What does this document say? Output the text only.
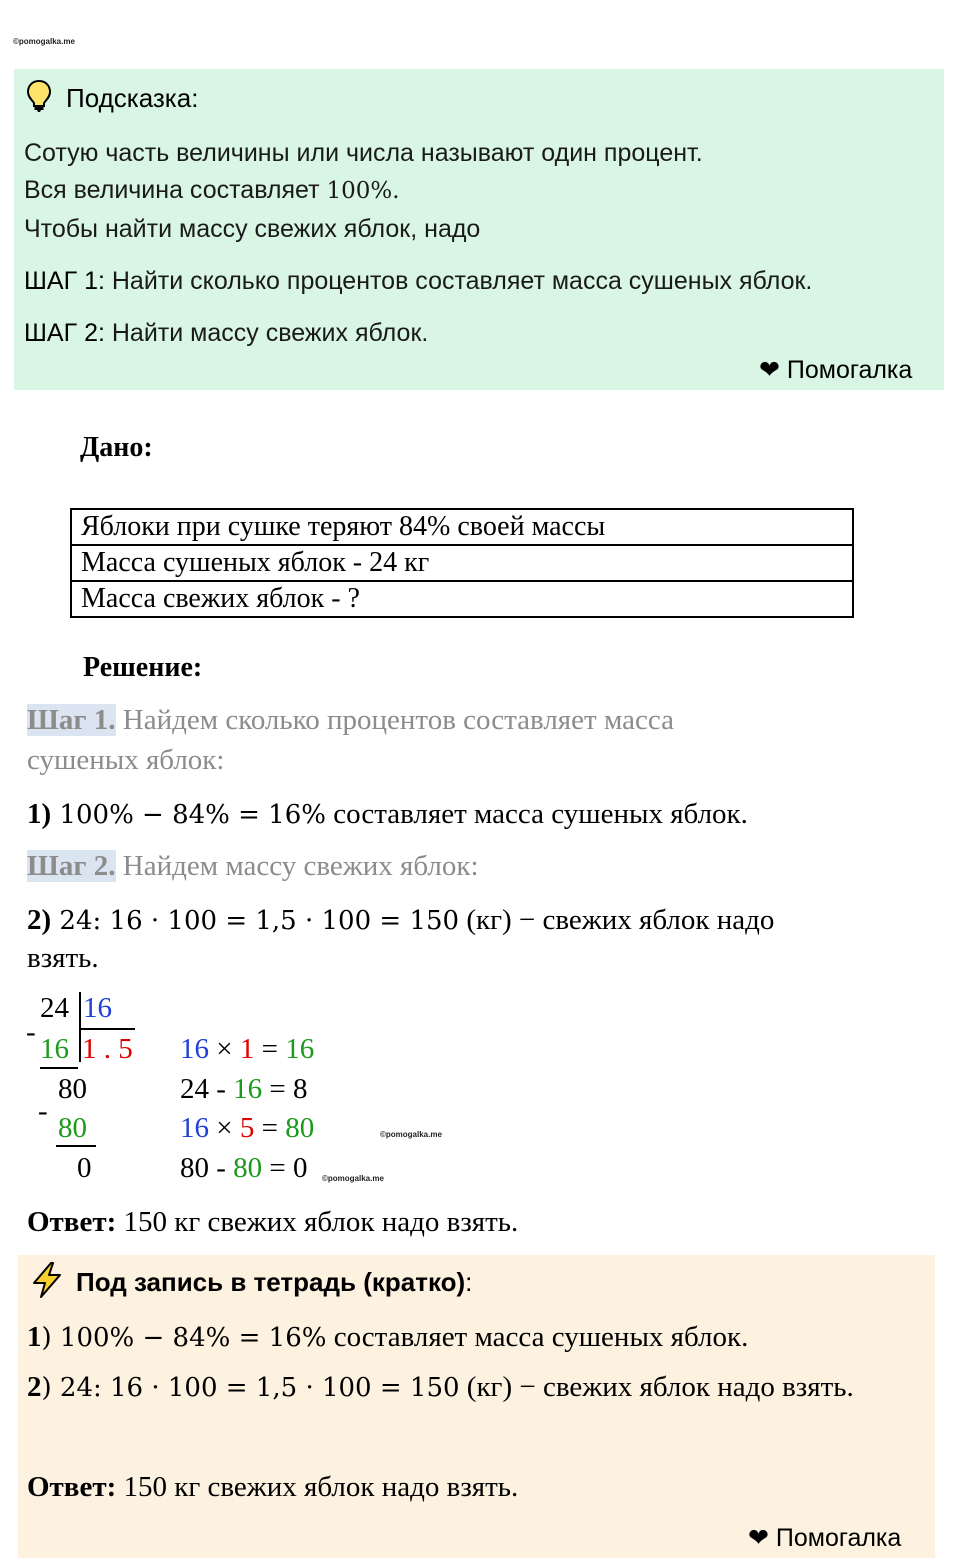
©pomogalka.me
Подсказка:
Сотую часть величины или числа называют один процент.
Вся величина составляет 100%.
Чтобы найти массу свежих яблок, надо
ШАГ 1: Найти сколько процентов составляет масса сушеных яблок.
ШАГ 2: Найти массу свежих яблок.
❤ Помогалка
Дано:
Яблоки при сушке теряют 84% своей массы
Масса сушеных яблок - 24 кг
Масса свежих яблок - ?
Решение:
Шаг 1. Найдем сколько процентов составляет масса
сушеных яблок:
1) 100% − 84% = 16% составляет масса сушеных яблок.
Шаг 2. Найдем массу свежих яблок:
2) 24: 16 · 100 = 1,5 · 100 = 150 (кг) − свежих яблок надо
взять.
24 16
-
16 1 . 5
80
-
80
0
16 × 1 = 16
24 - 16 = 8
16 × 5 = 80
80 - 80 = 0
©pomogalka.me
©pomogalka.me
Ответ: 150 кг свежих яблок надо взять.
Под запись в тетрадь (кратко):
1) 100% − 84% = 16% составляет масса сушеных яблок.
2) 24: 16 · 100 = 1,5 · 100 = 150 (кг) − свежих яблок надо взять.
Ответ: 150 кг свежих яблок надо взять.
❤ Помогалка
